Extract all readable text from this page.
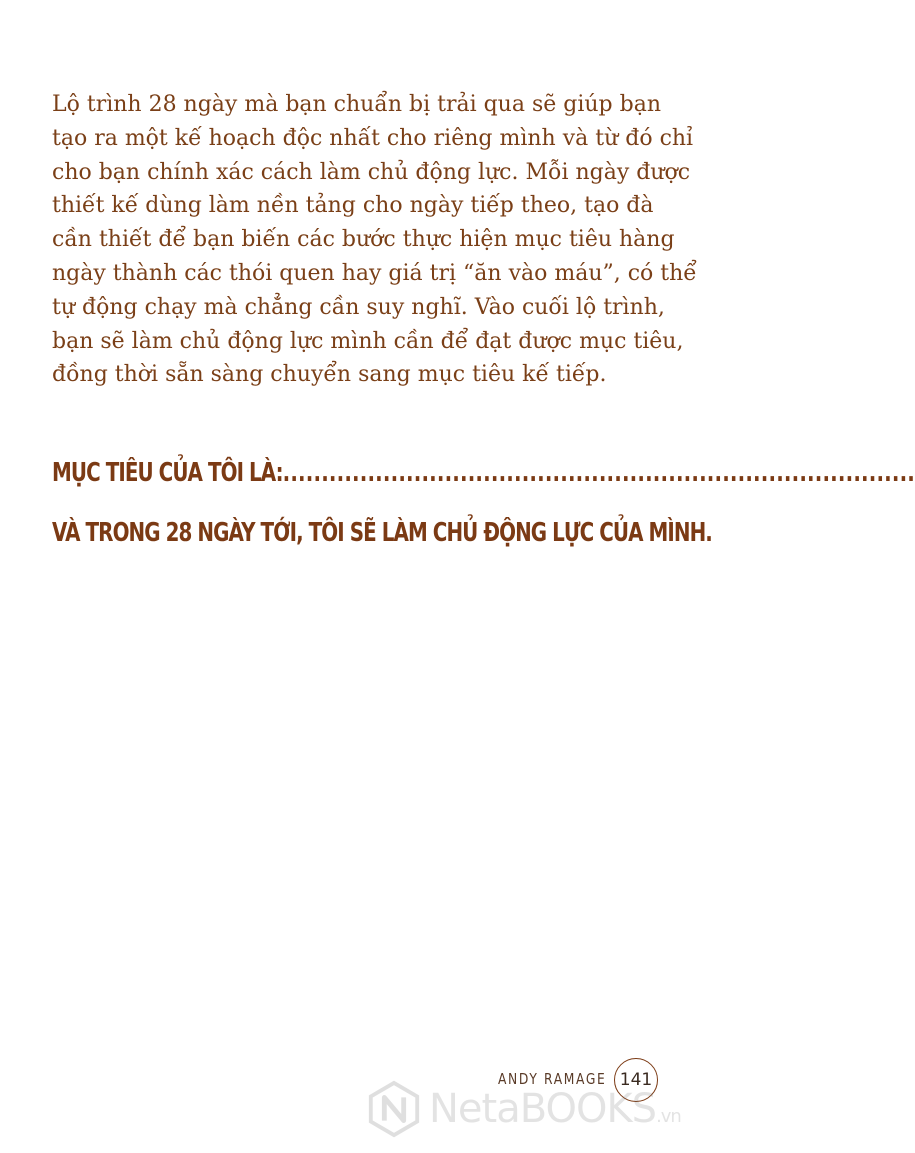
Lộ trình 28 ngày mà bạn chuẩn bị trải qua sẽ giúp bạn
tạo ra một kế hoạch độc nhất cho riêng mình và từ đó chỉ
cho bạn chính xác cách làm chủ động lực. Mỗi ngày được
thiết kế dùng làm nền tảng cho ngày tiếp theo, tạo đà
cần thiết để bạn biến các bước thực hiện mục tiêu hàng
ngày thành các thói quen hay giá trị “ăn vào máu”, có thể
tự động chạy mà chẳng cần suy nghĩ. Vào cuối lộ trình,
bạn sẽ làm chủ động lực mình cần để đạt được mục tiêu,
đồng thời sẵn sàng chuyển sang mục tiêu kế tiếp.

MỤC TIÊU CỦA TÔI LÀ:..................................................................................
VÀ TRONG 28 NGÀY TỚI, TÔI SẼ LÀM CHỦ ĐỘNG LỰC CỦA MÌNH.
ANDY RAMAGE 141
NetaBOOKS.vn
